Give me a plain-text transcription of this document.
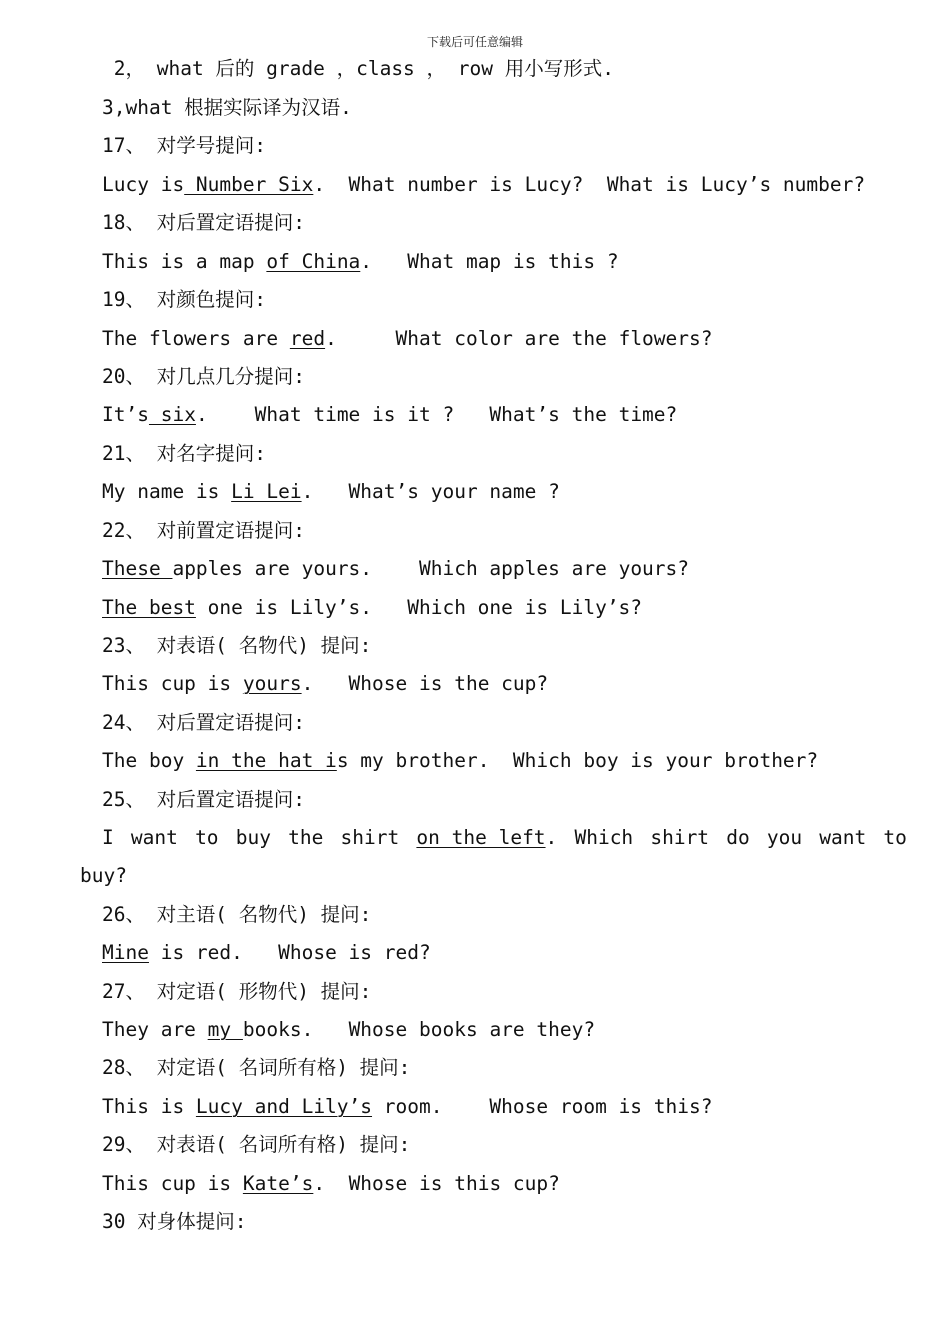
下载后可任意编辑
2， what 后的 grade ，class ， row 用小写形式.
3,what 根据实际译为汉语.
17、 对学号提问:
Lucy is Number Six.  What number is Lucy?  What is Lucy’s number?
18、 对后置定语提问:
This is a map of China.   What map is this ?
19、 对颜色提问:
The flowers are red.     What color are the flowers?
20、 对几点几分提问:
It’s six.    What time is it ?   What’s the time?
21、 对名字提问:
My name is Li Lei.   What’s your name ?
22、 对前置定语提问:
These apples are yours.    Which apples are yours?
The best one is Lily’s.   Which one is Lily’s?
23、 对表语( 名物代) 提问:
This cup is yours.   Whose is the cup?
24、 对后置定语提问:
The boy in the hat is my brother.  Which boy is your brother?
25、 对后置定语提问:
I want to buy the shirt on the left. Which shirt do you want to
buy?
26、 对主语( 名物代) 提问:
Mine is red.   Whose is red?
27、 对定语( 形物代) 提问:
They are my books.   Whose books are they?
28、 对定语( 名词所有格) 提问:
This is Lucy and Lily’s room.    Whose room is this?
29、 对表语( 名词所有格) 提问:
This cup is Kate’s.  Whose is this cup?
30 对身体提问:
